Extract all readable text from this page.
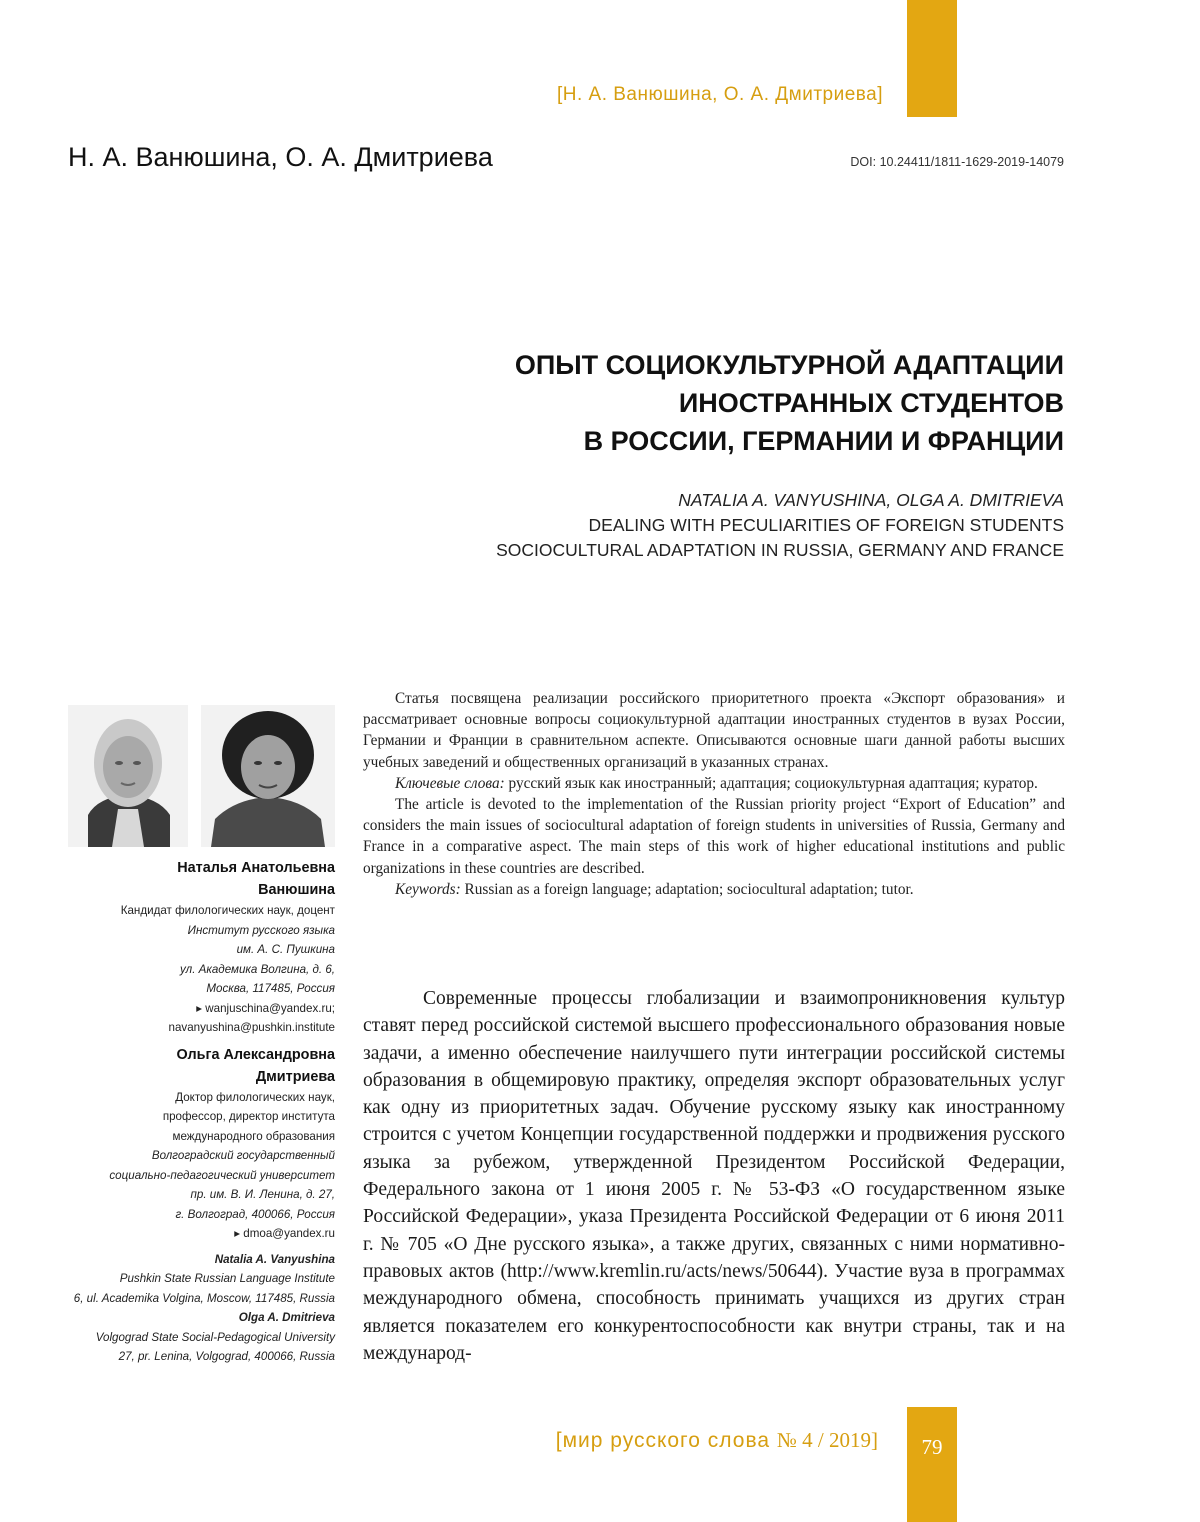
[Н. А. Ванюшина, О. А. Дмитриева]
Н. А. Ванюшина, О. А. Дмитриева	DOI: 10.24411/1811-1629-2019-14079
ОПЫТ СОЦИОКУЛЬТУРНОЙ АДАПТАЦИИ
ИНОСТРАННЫХ СТУДЕНТОВ
В РОССИИ, ГЕРМАНИИ И ФРАНЦИИ
NATALIA A. VANYUSHINA, OLGA A. DMITRIEVA
DEALING WITH PECULIARITIES OF FOREIGN STUDENTS
SOCIOCULTURAL ADAPTATION IN RUSSIA, GERMANY AND FRANCE
Наталья Анатольевна
Ванюшина
Кандидат филологических наук, доцент
Институт русского языка
им. А. С. Пушкина
ул. Академика Волгина, д. 6,
Москва, 117485, Россия
▸ wanjuschina@yandex.ru;
navanyushina@pushkin.institute
Ольга Александровна
Дмитриева
Доктор филологических наук,
профессор, директор института
международного образования
Волгоградский государственный
социально-педагогический университет
пр. им. В. И. Ленина, д. 27,
г. Волгоград, 400066, Россия
▸ dmoa@yandex.ru
Natalia A. Vanyushina
Pushkin State Russian Language Institute
6, ul. Academika Volgina, Moscow, 117485, Russia
Olga A. Dmitrieva
Volgograd State Social-Pedagogical University
27, pr. Lenina, Volgograd, 400066, Russia

Статья посвящена реализации российского приоритетного проекта «Экспорт образования» и рассматривает основные вопросы социокультурной адаптации иностранных студентов в вузах России, Германии и Франции в сравнительном аспекте. Описываются основные шаги данной работы высших учебных заведений и общественных организаций в указанных странах.

Ключевые слова: русский язык как иностранный; адаптация; социокультурная адаптация; куратор.

The article is devoted to the implementation of the Russian priority project “Export of Education” and considers the main issues of sociocultural adaptation of foreign students in universities of Russia, Germany and France in a comparative aspect. The main steps of this work of higher educational institutions and public organizations in these countries are described.

Keywords: Russian as a foreign language; adaptation; sociocultural adaptation; tutor.

Современные процессы глобализации и взаимопроникновения культур ставят перед российской системой высшего профессионального образования новые задачи, а именно обеспечение наилучшего пути интеграции российской системы образования в общемировую практику, определяя экспорт образовательных услуг как одну из приоритетных задач. Обучение русскому языку как иностранному строится с учетом Концепции государственной поддержки и продвижения русского языка за рубежом, утвержденной Президентом Российской Федерации, Федерального закона от 1 июня 2005 г. № 53-ФЗ «О государственном языке Российской Федерации», указа Президента Российской Федерации от 6 июня 2011 г. № 705 «О Дне русского языка», а также других, связанных с ними нормативно-правовых актов (http://www.kremlin.ru/acts/news/50644). Участие вуза в программах международного обмена, способность принимать учащихся из других стран является показателем его конкурентоспособности как внутри страны, так и на международ-

[мир русского слова № 4 / 2019]	79
